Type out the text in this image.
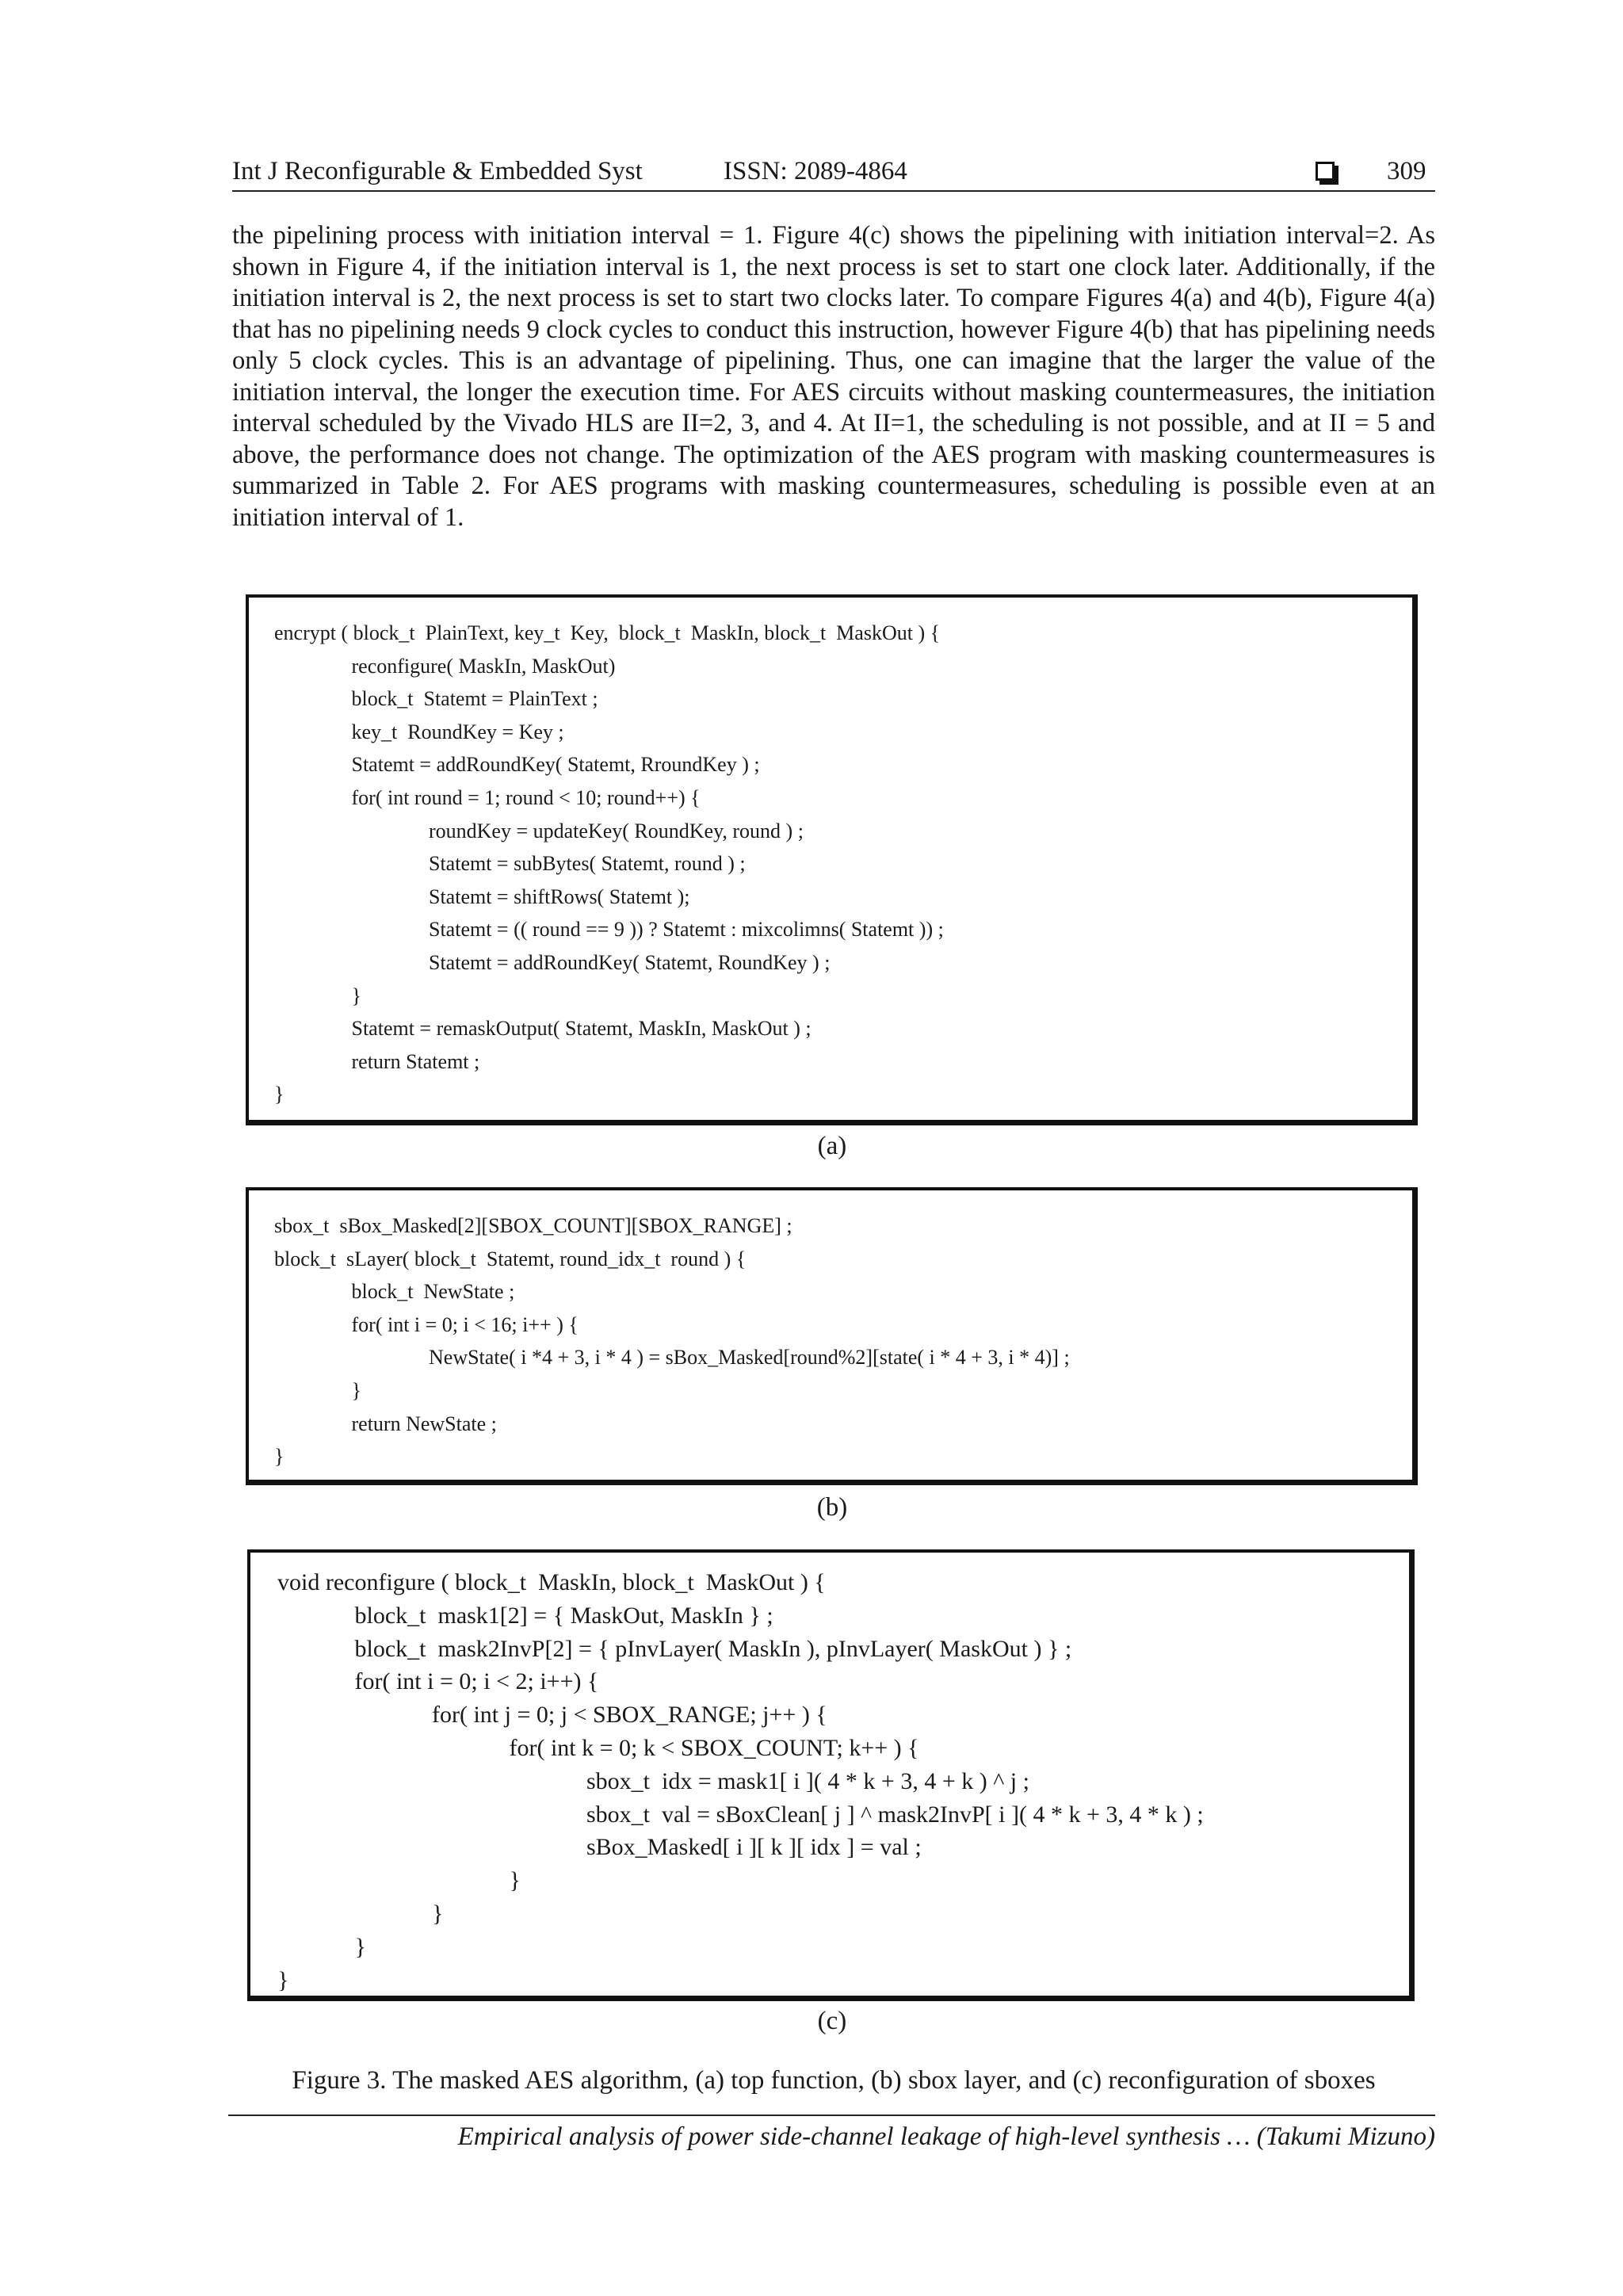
Int J Reconfigurable & Embedded Syst	ISSN: 2089-4864	309

the pipelining process with initiation interval = 1. Figure 4(c) shows the pipelining with initiation interval=2. As shown in Figure 4, if the initiation interval is 1, the next process is set to start one clock later. Additionally, if the initiation interval is 2, the next process is set to start two clocks later. To compare Figures 4(a) and 4(b), Figure 4(a) that has no pipelining needs 9 clock cycles to conduct this instruction, however Figure 4(b) that has pipelining needs only 5 clock cycles. This is an advantage of pipelining. Thus, one can imagine that the larger the value of the initiation interval, the longer the execution time. For AES circuits without masking countermeasures, the initiation interval scheduled by the Vivado HLS are II=2, 3, and 4. At II=1, the scheduling is not possible, and at II = 5 and above, the performance does not change. The optimization of the AES program with masking countermeasures is summarized in Table 2. For AES programs with masking countermeasures, scheduling is possible even at an initiation interval of 1.

encrypt ( block_t  PlainText, key_t  Key,  block_t  MaskIn, block_t  MaskOut ) {
reconfigure( MaskIn, MaskOut)
block_t  Statemt = PlainText ;
key_t  RoundKey = Key ;
Statemt = addRoundKey( Statemt, RroundKey ) ;
for( int round = 1; round < 10; round++) {
roundKey = updateKey( RoundKey, round ) ;
Statemt = subBytes( Statemt, round ) ;
Statemt = shiftRows( Statemt );
Statemt = (( round == 9 )) ? Statemt : mixcolimns( Statemt )) ;
Statemt = addRoundKey( Statemt, RoundKey ) ;
}
Statemt = remaskOutput( Statemt, MaskIn, MaskOut ) ;
return Statemt ;
}
(a)
sbox_t  sBox_Masked[2][SBOX_COUNT][SBOX_RANGE] ;
block_t  sLayer( block_t  Statemt, round_idx_t  round ) {
block_t  NewState ;
for( int i = 0; i < 16; i++ ) {
NewState( i *4 + 3, i * 4 ) = sBox_Masked[round%2][state( i * 4 + 3, i * 4)] ;
}
return NewState ;
}
(b)
void reconfigure ( block_t  MaskIn, block_t  MaskOut ) {
block_t  mask1[2] = { MaskOut, MaskIn } ;
block_t  mask2InvP[2] = { pInvLayer( MaskIn ), pInvLayer( MaskOut ) } ;
for( int i = 0; i < 2; i++) {
for( int j = 0; j < SBOX_RANGE; j++ ) {
for( int k = 0; k < SBOX_COUNT; k++ ) {
sbox_t  idx = mask1[ i ]( 4 * k + 3, 4 + k ) ^ j ;
sbox_t  val = sBoxClean[ j ] ^ mask2InvP[ i ]( 4 * k + 3, 4 * k ) ;
sBox_Masked[ i ][ k ][ idx ] = val ;
}
}
}
}
(c)
Figure 3. The masked AES algorithm, (a) top function, (b) sbox layer, and (c) reconfiguration of sboxes
Empirical analysis of power side-channel leakage of high-level synthesis … (Takumi Mizuno)
